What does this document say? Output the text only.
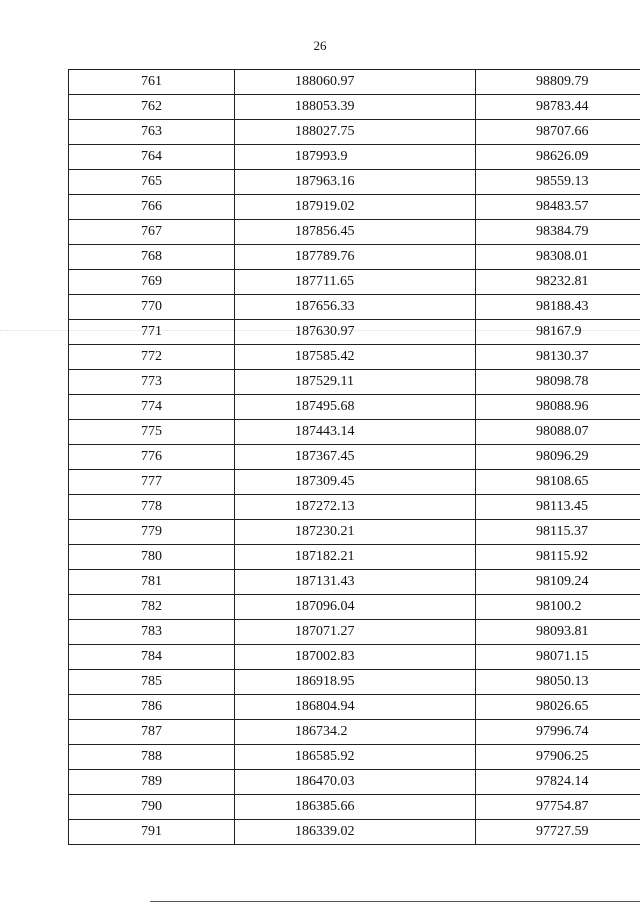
26
761	188060.97	98809.79
762	188053.39	98783.44
763	188027.75	98707.66
764	187993.9	98626.09
765	187963.16	98559.13
766	187919.02	98483.57
767	187856.45	98384.79
768	187789.76	98308.01
769	187711.65	98232.81
770	187656.33	98188.43
771	187630.97	98167.9
772	187585.42	98130.37
773	187529.11	98098.78
774	187495.68	98088.96
775	187443.14	98088.07
776	187367.45	98096.29
777	187309.45	98108.65
778	187272.13	98113.45
779	187230.21	98115.37
780	187182.21	98115.92
781	187131.43	98109.24
782	187096.04	98100.2
783	187071.27	98093.81
784	187002.83	98071.15
785	186918.95	98050.13
786	186804.94	98026.65
787	186734.2	97996.74
788	186585.92	97906.25
789	186470.03	97824.14
790	186385.66	97754.87
791	186339.02	97727.59
